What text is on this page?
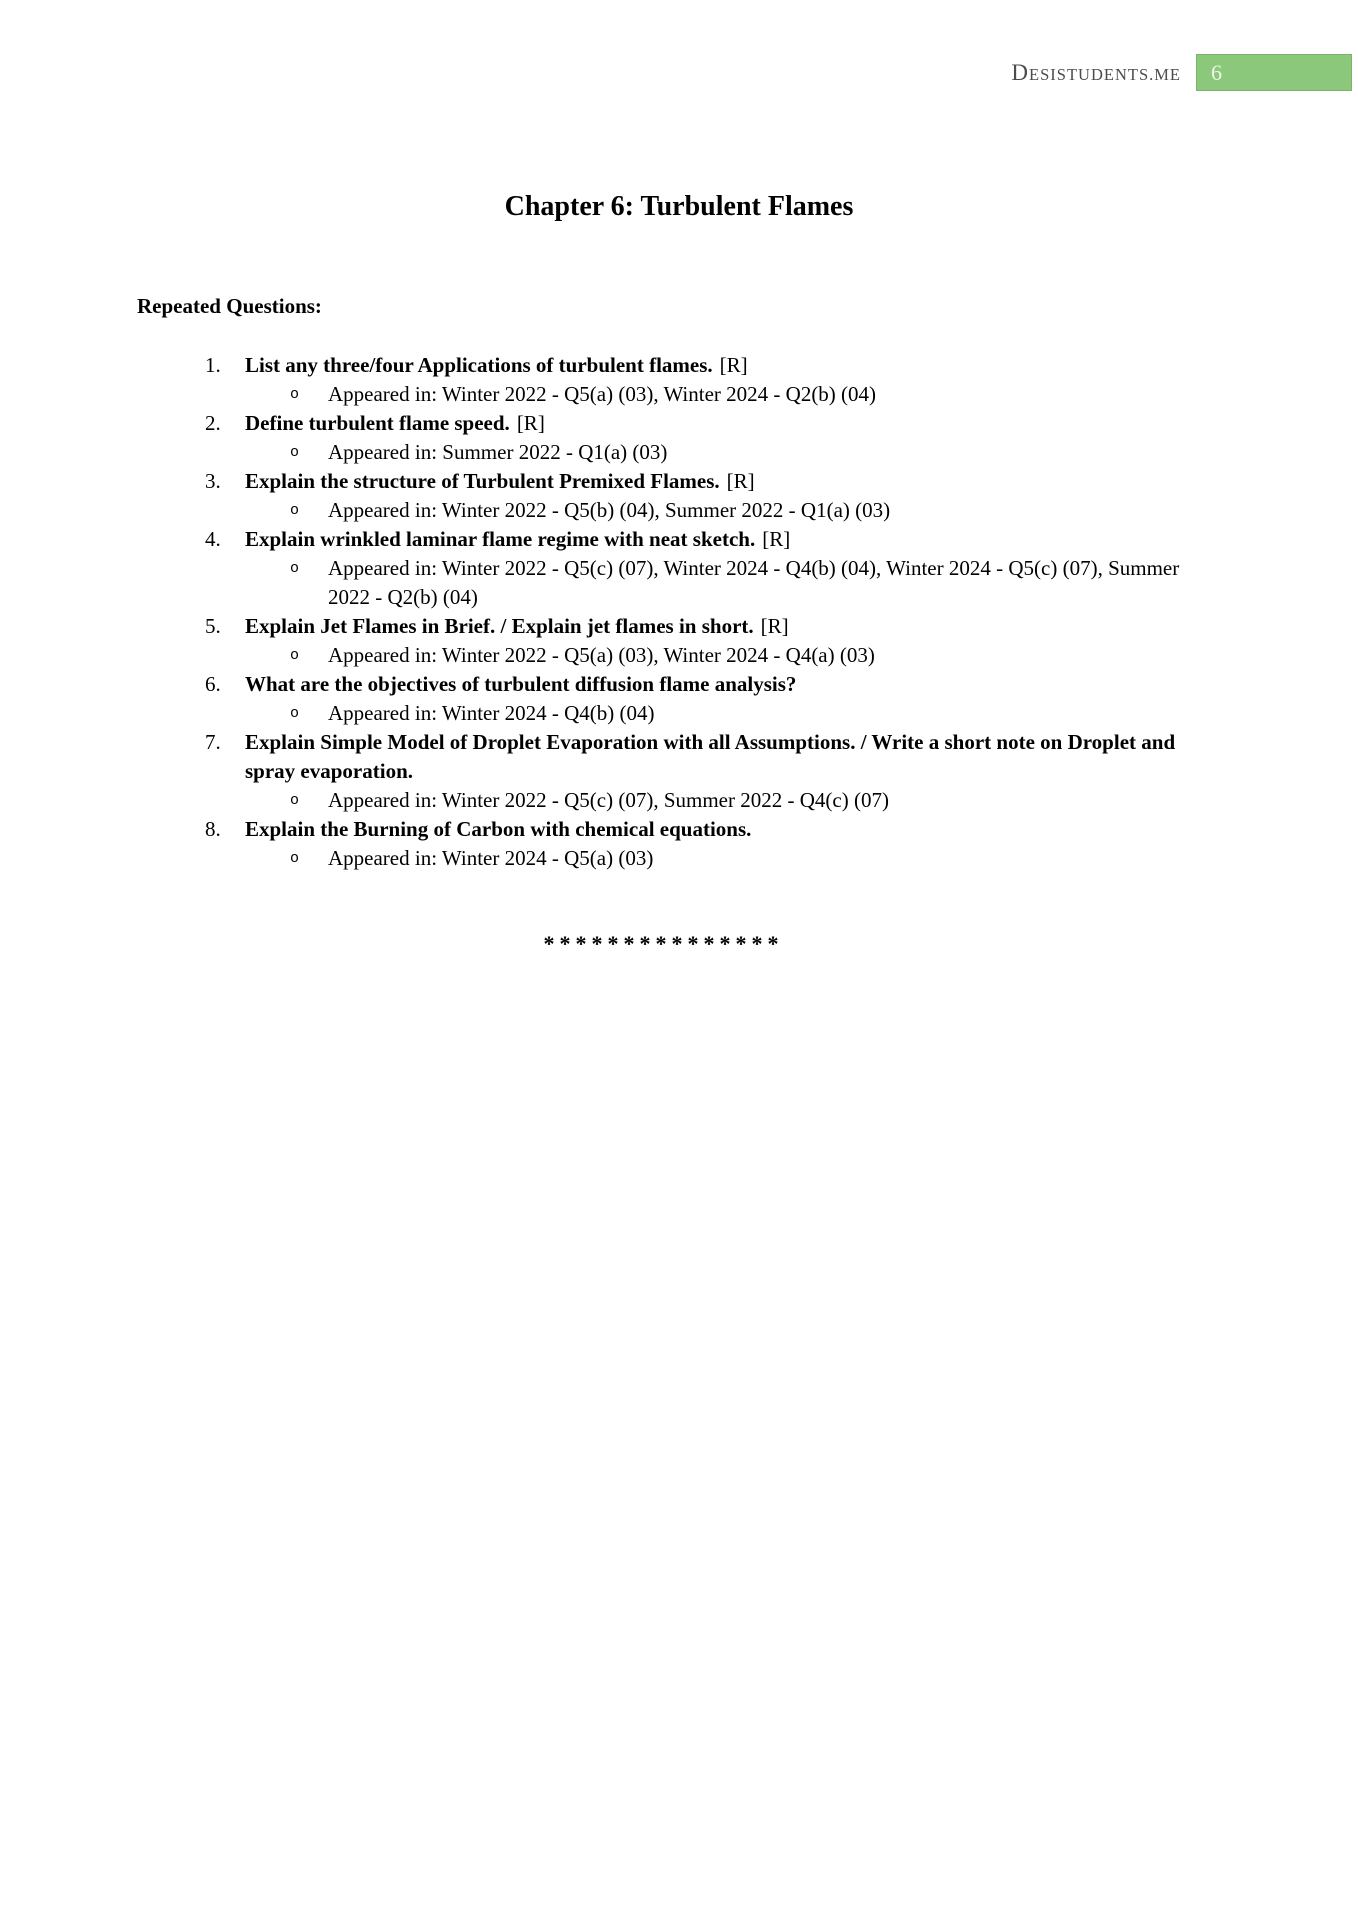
DESISTUDENTS.ME	6
Chapter 6: Turbulent Flames

Repeated Questions:

1.	List any three/four Applications of turbulent flames. [R]
o	Appeared in: Winter 2022 - Q5(a) (03), Winter 2024 - Q2(b) (04)
2.	Define turbulent flame speed. [R]
o	Appeared in: Summer 2022 - Q1(a) (03)
3.	Explain the structure of Turbulent Premixed Flames. [R]
o	Appeared in: Winter 2022 - Q5(b) (04), Summer 2022 - Q1(a) (03)
4.	Explain wrinkled laminar flame regime with neat sketch. [R]
o	Appeared in: Winter 2022 - Q5(c) (07), Winter 2024 - Q4(b) (04), Winter 2024 - Q5(c) (07), Summer 2022 - Q2(b) (04)
5.	Explain Jet Flames in Brief. / Explain jet flames in short. [R]
o	Appeared in: Winter 2022 - Q5(a) (03), Winter 2024 - Q4(a) (03)
6.	What are the objectives of turbulent diffusion flame analysis?
o	Appeared in: Winter 2024 - Q4(b) (04)
7.	Explain Simple Model of Droplet Evaporation with all Assumptions. / Write a short note on Droplet and spray evaporation.
o	Appeared in: Winter 2022 - Q5(c) (07), Summer 2022 - Q4(c) (07)
8.	Explain the Burning of Carbon with chemical equations.
o	Appeared in: Winter 2024 - Q5(a) (03)
***************
